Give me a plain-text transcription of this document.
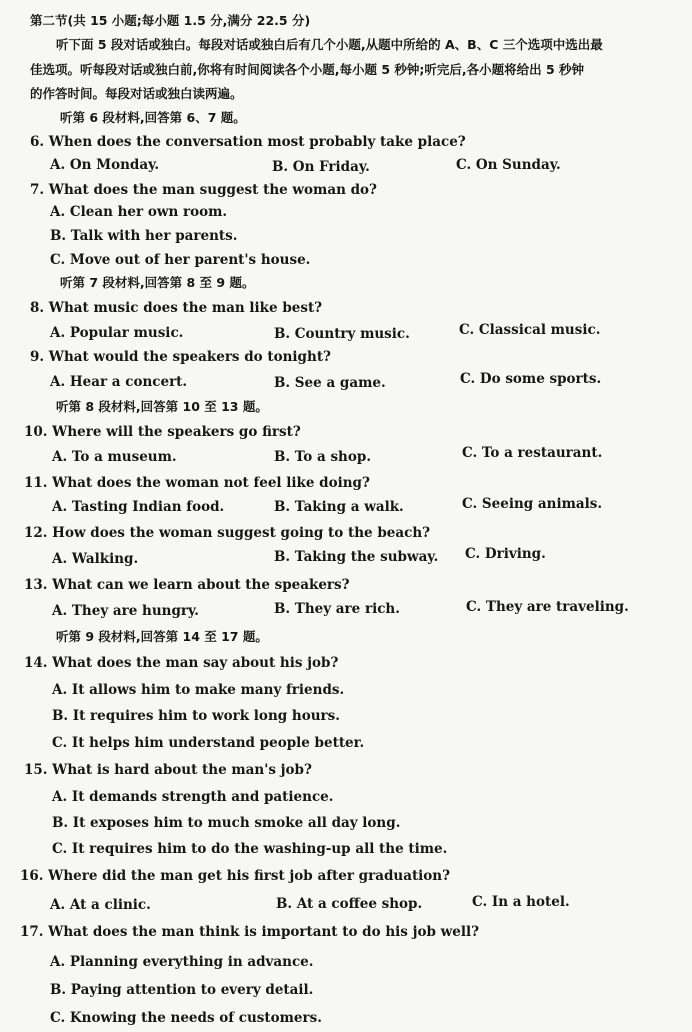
第二节(共 15 小题;每小题 1.5 分,满分 22.5 分)
听下面 5 段对话或独白。每段对话或独白后有几个小题,从题中所给的 A、B、C 三个选项中选出最
佳选项。听每段对话或独白前,你将有时间阅读各个小题,每小题 5 秒钟;听完后,各小题将给出 5 秒钟
的作答时间。每段对话或独白读两遍。
听第 6 段材料,回答第 6、7 题。
6. When does the conversation most probably take place?
A. On Monday.	B. On Friday.	C. On Sunday.
7. What does the man suggest the woman do?
A. Clean her own room.
B. Talk with her parents.
C. Move out of her parent's house.
听第 7 段材料,回答第 8 至 9 题。
8. What music does the man like best?
A. Popular music.	B. Country music.	C. Classical music.
9. What would the speakers do tonight?
A. Hear a concert.	B. See a game.	C. Do some sports.
听第 8 段材料,回答第 10 至 13 题。
10. Where will the speakers go first?
A. To a museum.	B. To a shop.	C. To a restaurant.
11. What does the woman not feel like doing?
A. Tasting Indian food.	B. Taking a walk.	C. Seeing animals.
12. How does the woman suggest going to the beach?
A. Walking.	B. Taking the subway. C. Driving.
13. What can we learn about the speakers?
A. They are hungry.	B. They are rich.	C. They are traveling.
听第 9 段材料,回答第 14 至 17 题。
14. What does the man say about his job?
A. It allows him to make many friends.
B. It requires him to work long hours.
C. It helps him understand people better.
15. What is hard about the man's job?
A. It demands strength and patience.
B. It exposes him to much smoke all day long.
C. It requires him to do the washing-up all the time.
16. Where did the man get his first job after graduation?
A. At a clinic.	B. At a coffee shop.	C. In a hotel.
17. What does the man think is important to do his job well?
A. Planning everything in advance.
B. Paying attention to every detail.
C. Knowing the needs of customers.
